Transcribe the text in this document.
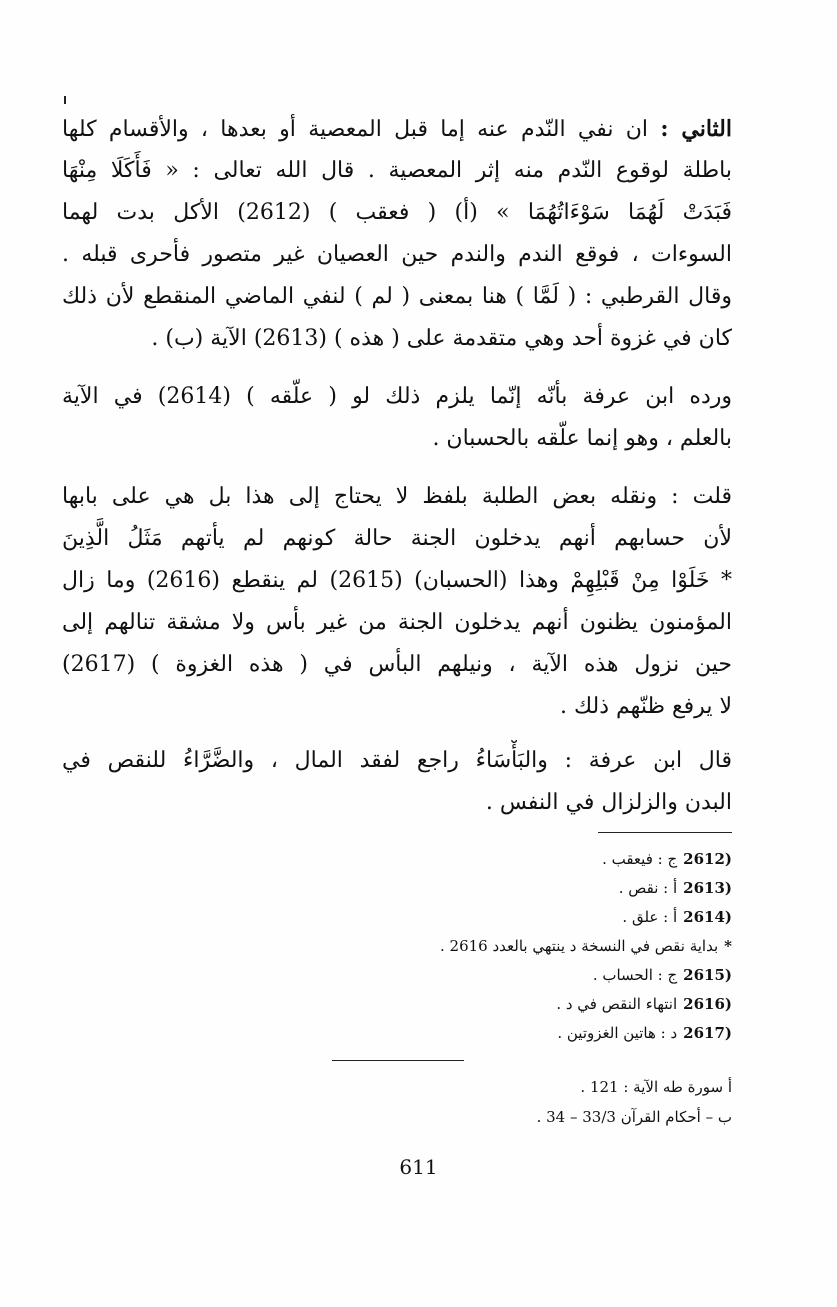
الثاني : ان نفي النّدم عنه إما قبل المعصية أو بعدها ، والأقسام كلها
باطلة لوقوع النّدم منه إثر المعصية . قال الله تعالى : « فَأَكَلَا مِنْهَا
فَبَدَتْ لَهُمَا سَوْءَاتُهُمَا » (أ) ( فعقب ) (2612) الأكل بدت لهما
السوءات ، فوقع الندم والندم حين العصيان غير متصور فأحرى قبله .
وقال القرطبي : ( لَمَّا ) هنا بمعنى ( لم ) لنفي الماضي المنقطع لأن ذلك
كان في غزوة أحد وهي متقدمة على ( هذه ) (2613) الآية (ب) .
ورده ابن عرفة بأنّه إنّما يلزم ذلك لو ( علّقه ) (2614) في الآية
بالعلم ، وهو إنما علّقه بالحسبان .
قلت : ونقله بعض الطلبة بلفظ لا يحتاج إلى هذا بل هي على بابها
لأن حسابهم أنهم يدخلون الجنة حالة كونهم لم يأتهم مَثَلُ الَّذِينَ
* خَلَوْا مِنْ قَبْلِهِمْ وهذا (الحسبان) (2615) لم ينقطع (2616) وما زال
المؤمنون يظنون أنهم يدخلون الجنة من غير بأس ولا مشقة تنالهم إلى
حين نزول هذه الآية ، ونيلهم البأس في ( هذه الغزوة ) (2617)
لا يرفع ظنّهم ذلك .
قال ابن عرفة : والبَأْسَاءُ راجع لفقد المال ، والضَّرَّاءُ للنقص في
البدن والزلزال في النفس .
(2612ج : فيعقب .
(2613أ : نقص .
(2614أ : علق .
*بداية نقص في النسخة د ينتهي بالعدد 2616 .
(2615ج : الحساب .
(2616انتهاء النقص في د .
(2617د : هاتين الغزوتين .
أ سورة طه الآية : 121 .
ب – أحكام القرآن 33/3 – 34 .
611
